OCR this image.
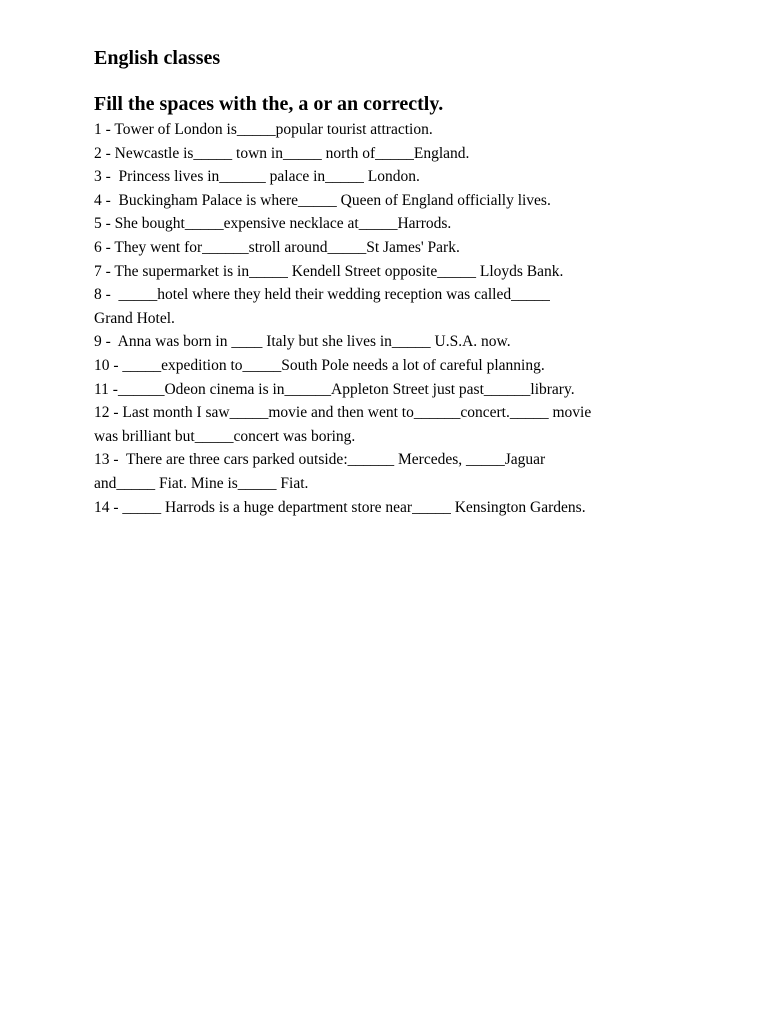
English classes
Fill the spaces with the, a or an correctly.
1 - Tower of London is_____popular tourist attraction.
2 - Newcastle is_____ town in_____ north of_____England.
3 -  Princess lives in______ palace in_____ London.
4 -  Buckingham Palace is where_____ Queen of England officially lives.
5 - She bought_____expensive necklace at_____Harrods.
6 - They went for______stroll around_____St James' Park.
7 - The supermarket is in_____ Kendell Street opposite_____ Lloyds Bank.
8 -  _____hotel where they held their wedding reception was called_____
Grand Hotel.
9 -  Anna was born in ____ Italy but she lives in_____ U.S.A. now.
10 - _____expedition to_____South Pole needs a lot of careful planning.
11 -______Odeon cinema is in______Appleton Street just past______library.
12 - Last month I saw_____movie and then went to______concert._____ movie
was brilliant but_____concert was boring.
13 -  There are three cars parked outside:______ Mercedes, _____Jaguar
and_____ Fiat. Mine is_____ Fiat.
14 - _____ Harrods is a huge department store near_____ Kensington Gardens.
